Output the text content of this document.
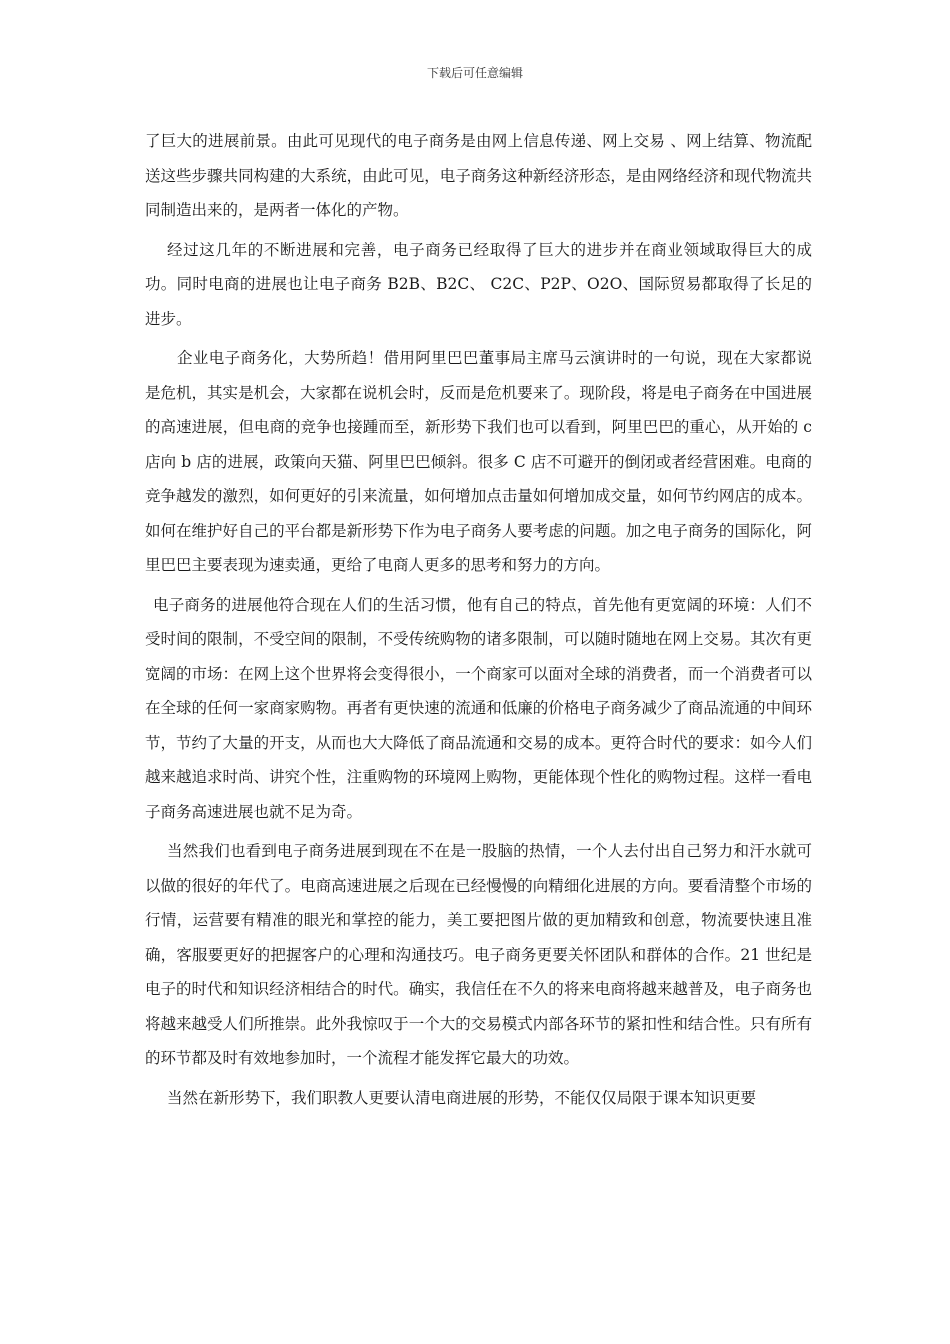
下载后可任意编辑

了巨大的进展前景。由此可见现代的电子商务是由网上信息传递、网上交易 、网上结算、物流配送这些步骤共同构建的大系统，由此可见，电子商务这种新经济形态，是由网络经济和现代物流共同制造出来的，是两者一体化的产物。

经过这几年的不断进展和完善，电子商务已经取得了巨大的进步并在商业领域取得巨大的成功。同时电商的进展也让电子商务 B2B、B2C、 C2C、P2P、O2O、国际贸易都取得了长足的进步。

企业电子商务化，大势所趋！借用阿里巴巴董事局主席马云演讲时的一句说，现在大家都说是危机，其实是机会，大家都在说机会时，反而是危机要来了。现阶段，将是电子商务在中国进展的高速进展，但电商的竞争也接踵而至，新形势下我们也可以看到，阿里巴巴的重心，从开始的 c 店向 b 店的进展，政策向天猫、阿里巴巴倾斜。很多 C 店不可避开的倒闭或者经营困难。电商的竞争越发的激烈，如何更好的引来流量，如何增加点击量如何增加成交量，如何节约网店的成本。如何在维护好自己的平台都是新形势下作为电子商务人要考虑的问题。加之电子商务的国际化，阿里巴巴主要表现为速卖通，更给了电商人更多的思考和努力的方向。

电子商务的进展他符合现在人们的生活习惯，他有自己的特点，首先他有更宽阔的环境：人们不受时间的限制，不受空间的限制，不受传统购物的诸多限制，可以随时随地在网上交易。其次有更宽阔的市场：在网上这个世界将会变得很小，一个商家可以面对全球的消费者，而一个消费者可以在全球的任何一家商家购物。再者有更快速的流通和低廉的价格电子商务减少了商品流通的中间环节，节约了大量的开支，从而也大大降低了商品流通和交易的成本。更符合时代的要求：如今人们越来越追求时尚、讲究个性，注重购物的环境网上购物，更能体现个性化的购物过程。这样一看电子商务高速进展也就不足为奇。

当然我们也看到电子商务进展到现在不在是一股脑的热情，一个人去付出自己努力和汗水就可以做的很好的年代了。电商高速进展之后现在已经慢慢的向精细化进展的方向。要看清整个市场的行情，运营要有精准的眼光和掌控的能力，美工要把图片做的更加精致和创意，物流要快速且准确，客服要更好的把握客户的心理和沟通技巧。电子商务更要关怀团队和群体的合作。21 世纪是电子的时代和知识经济相结合的时代。确实，我信任在不久的将来电商将越来越普及，电子商务也将越来越受人们所推崇。此外我惊叹于一个大的交易模式内部各环节的紧扣性和结合性。只有所有的环节都及时有效地参加时，一个流程才能发挥它最大的功效。

当然在新形势下，我们职教人更要认清电商进展的形势，不能仅仅局限于课本知识更要
